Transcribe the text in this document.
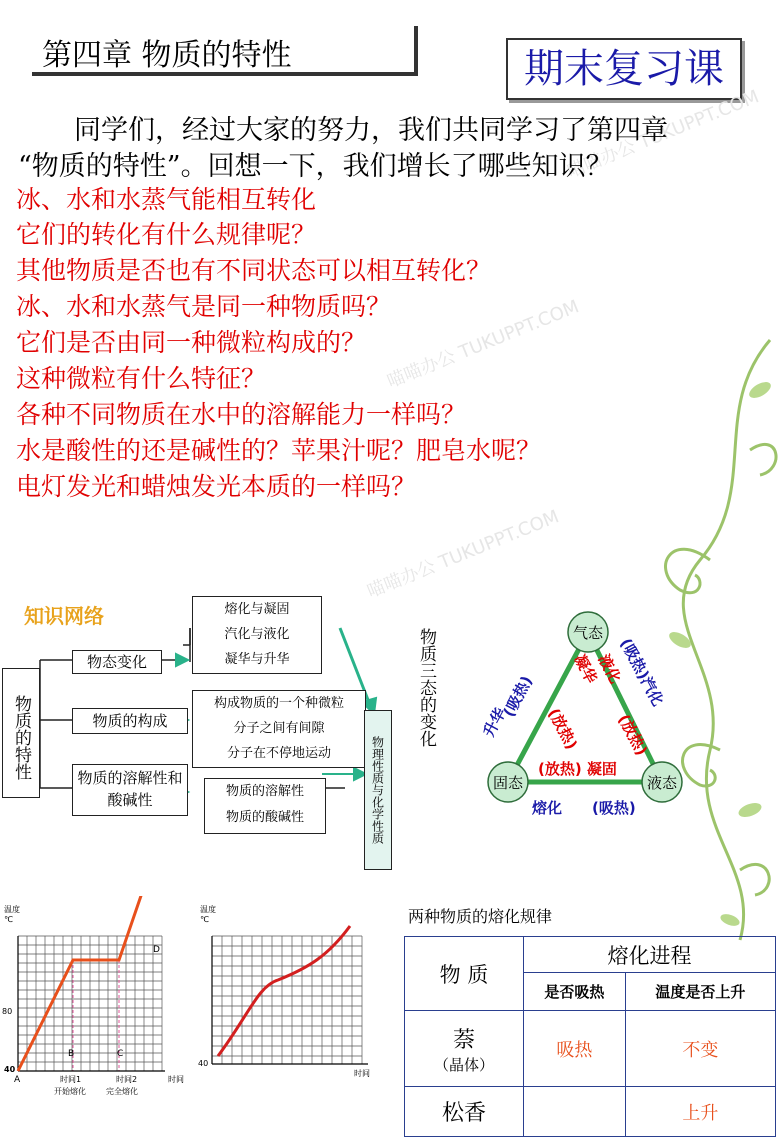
第四章 物质的特性	期末复习课
喵喵办公 TUKUPPT.COM
喵喵办公 TUKUPPT.COM
喵喵办公 TUKUPPT.COM
同学们，经过大家的努力，我们共同学习了第四章
“物质的特性”。回想一下，我们增长了哪些知识？
冰、水和水蒸气能相互转化
它们的转化有什么规律呢？
其他物质是否也有不同状态可以相互转化？
冰、水和水蒸气是同一种物质吗？
它们是否由同一种微粒构成的？
这种微粒有什么特征？
各种不同物质在水中的溶解能力一样吗？
水是酸性的还是碱性的？苹果汁呢？肥皂水呢？
电灯发光和蜡烛发光本质的一样吗？
知识网络
物质的特性
物态变化
物质的构成
物质的溶解性和酸碱性
熔化与凝固
汽化与液化
凝华与升华
构成物质的一个种微粒
分子之间有间隙
分子在不停地运动
物质的溶解性
物质的酸碱性	物理性质与化学性质
物质三态的变化	气态
固态	液态
升华
(吸热)
凝华
(放热)
液化
(放热)
(吸热)汽化
(放热) 凝固
熔化 (吸热)
温度℃
80
40
时间
时间1
开始熔化
时间2
完全熔化
A
B	C
D
温度℃
40
时间
两种物质的熔化规律
物 质	熔化进程	
	是否吸热	温度是否上升

萘
（晶体）	吸热	不变
松香		上升
